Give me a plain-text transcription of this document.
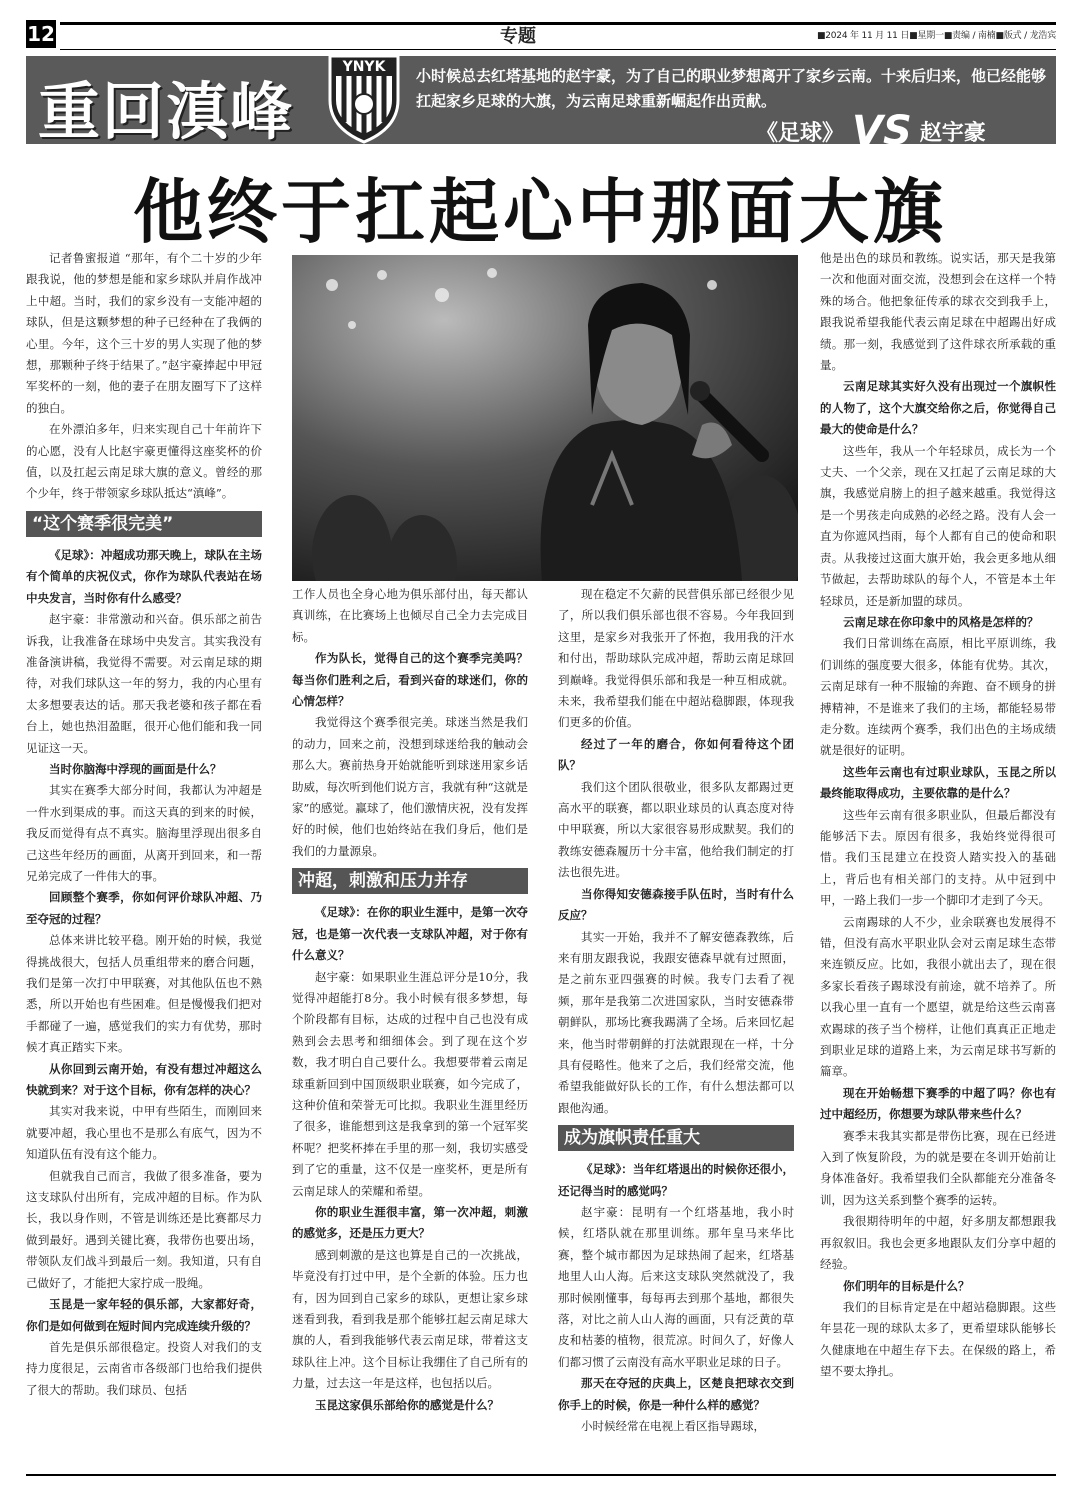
12	专题	■2024 年 11 月 11 日■星期一■责编 / 南楠■版式 / 龙浩宾
重回滇峰
YNYK 小时候总去红塔基地的赵宇豪，为了自己的职业梦想离开了家乡云南。十来后归来，他已经能够扛起家乡足球的大旗，为云南足球重新崛起作出贡献。
《足球》 VS 赵宇豪
他终于扛起心中那面大旗

记者鲁蜜报道 “那年，有个二十岁的少年跟我说，他的梦想是能和家乡球队并肩作战冲上中超。当时，我们的家乡没有一支能冲超的球队，但是这颗梦想的种子已经种在了我俩的心里。今年，这个三十岁的男人实现了他的梦想，那颗种子终于结果了。”赵宇豪捧起中甲冠军奖杯的一刻，他的妻子在朋友圈写下了这样的独白。

在外漂泊多年，归来实现自己十年前许下的心愿，没有人比赵宇豪更懂得这座奖杯的价值，以及扛起云南足球大旗的意义。曾经的那个少年，终于带领家乡球队抵达“滇峰”。

“这个赛季很完美”

《足球》：冲超成功那天晚上，球队在主场有个简单的庆祝仪式，你作为球队代表站在场中央发言，当时你有什么感受？

赵宇豪：非常激动和兴奋。俱乐部之前告诉我，让我准备在球场中央发言。其实我没有准备演讲稿，我觉得不需要。对云南足球的期待，对我们球队这一年的努力，我的内心里有太多想要表达的话。那天我老婆和孩子都在看台上，她也热泪盈眶，很开心他们能和我一同见证这一天。

当时你脑海中浮现的画面是什么？

其实在赛季大部分时间，我都认为冲超是一件水到渠成的事。而这天真的到来的时候，我反而觉得有点不真实。脑海里浮现出很多自己这些年经历的画面，从离开到回来，和一帮兄弟完成了一件伟大的事。

回顾整个赛季，你如何评价球队冲超、乃至夺冠的过程？

总体来讲比较平稳。刚开始的时候，我觉得挑战很大，包括人员重组带来的磨合问题，我们是第一次打中甲联赛，对其他队伍也不熟悉，所以开始也有些困难。但是慢慢我们把对手都碰了一遍，感觉我们的实力有优势，那时候才真正踏实下来。

从你回到云南开始，有没有想过冲超这么快就到来？对于这个目标，你有怎样的决心？

其实对我来说，中甲有些陌生，而刚回来就要冲超，我心里也不是那么有底气，因为不知道队伍有没有这个能力。

但就我自己而言，我做了很多准备，要为这支球队付出所有，完成冲超的目标。作为队长，我以身作则，不管是训练还是比赛都尽力做到最好。遇到关键比赛，我带伤也要出场，带领队友们战斗到最后一刻。我知道，只有自己做好了，才能把大家拧成一股绳。

玉昆是一家年轻的俱乐部，大家都好奇，你们是如何做到在短时间内完成连续升级的？

首先是俱乐部很稳定。投资人对我们的支持力度很足，云南省市各级部门也给我们提供了很大的帮助。我们球员、包括

工作人员也全身心地为俱乐部付出，每天都认真训练，在比赛场上也倾尽自己全力去完成目标。

作为队长，觉得自己的这个赛季完美吗？每当你们胜利之后，看到兴奋的球迷们，你的心情怎样？

我觉得这个赛季很完美。球迷当然是我们的动力，回来之前，没想到球迷给我的触动会那么大。赛前热身开始就能听到球迷用家乡话助威，每次听到他们说方言，我就有种“这就是家”的感觉。赢球了，他们激情庆祝，没有发挥好的时候，他们也始终站在我们身后，他们是我们的力量源泉。

冲超，刺激和压力并存

《足球》：在你的职业生涯中，是第一次夺冠，也是第一次代表一支球队冲超，对于你有什么意义？

赵宇豪：如果职业生涯总评分是10分，我觉得冲超能打8分。我小时候有很多梦想，每个阶段都有目标，达成的过程中自己也没有成熟到会去思考和细细体会。到了现在这个岁数，我才明白自己要什么。我想要带着云南足球重新回到中国顶级职业联赛，如今完成了，这种价值和荣誉无可比拟。我职业生涯里经历了很多，谁能想到这是我拿到的第一个冠军奖杯呢？把奖杯捧在手里的那一刻，我切实感受到了它的重量，这不仅是一座奖杯，更是所有云南足球人的荣耀和希望。

你的职业生涯很丰富，第一次冲超，刺激的感觉多，还是压力更大？

感到刺激的是这也算是自己的一次挑战，毕竟没有打过中甲，是个全新的体验。压力也有，因为回到自己家乡的球队，更想让家乡球迷看到我，看到我是那个能够扛起云南足球大旗的人，看到我能够代表云南足球，带着这支球队往上冲。这个目标让我绷住了自己所有的力量，过去这一年是这样，也包括以后。

玉昆这家俱乐部给你的感觉是什么？

现在稳定不欠薪的民营俱乐部已经很少见了，所以我们俱乐部也很不容易。今年我回到这里，是家乡对我张开了怀抱，我用我的汗水和付出，帮助球队完成冲超，帮助云南足球回到巅峰。我觉得俱乐部和我是一种互相成就。未来，我希望我们能在中超站稳脚跟，体现我们更多的价值。

经过了一年的磨合，你如何看待这个团队？

我们这个团队很敬业，很多队友都踢过更高水平的联赛，都以职业球员的认真态度对待中甲联赛，所以大家很容易形成默契。我们的教练安德森履历十分丰富，他给我们制定的打法也很先进。

当你得知安德森接手队伍时，当时有什么反应？

其实一开始，我并不了解安德森教练，后来有朋友跟我说，我跟安德森早就有过照面，是之前东亚四强赛的时候。我专门去看了视频，那年是我第二次进国家队，当时安德森带朝鲜队，那场比赛我踢满了全场。后来回忆起来，他当时带朝鲜的打法就跟现在一样，十分具有侵略性。他来了之后，我们经常交流，他希望我能做好队长的工作，有什么想法都可以跟他沟通。

成为旗帜责任重大

《足球》：当年红塔退出的时候你还很小，还记得当时的感觉吗？

赵宇豪：昆明有一个红塔基地，我小时候，红塔队就在那里训练。那年皇马来华比赛，整个城市都因为足球热闹了起来，红塔基地里人山人海。后来这支球队突然就没了，我那时候刚懂事，每每再去到那个基地，都很失落，对比之前人山人海的画面，只有泛黄的草皮和枯萎的植物，很荒凉。时间久了，好像人们都习惯了云南没有高水平职业足球的日子。

那天在夺冠的庆典上，区楚良把球衣交到你手上的时候，你是一种什么样的感觉？

小时候经常在电视上看区指导踢球，

他是出色的球员和教练。说实话，那天是我第一次和他面对面交流，没想到会在这样一个特殊的场合。他把象征传承的球衣交到我手上，跟我说希望我能代表云南足球在中超踢出好成绩。那一刻，我感觉到了这件球衣所承载的重量。

云南足球其实好久没有出现过一个旗帜性的人物了，这个大旗交给你之后，你觉得自己最大的使命是什么？

这些年，我从一个年轻球员，成长为一个丈夫、一个父亲，现在又扛起了云南足球的大旗，我感觉肩膀上的担子越来越重。我觉得这是一个男孩走向成熟的必经之路。没有人会一直为你遮风挡雨，每个人都有自己的使命和职责。从我接过这面大旗开始，我会更多地从细节做起，去帮助球队的每个人，不管是本土年轻球员，还是新加盟的球员。

云南足球在你印象中的风格是怎样的？

我们日常训练在高原，相比平原训练，我们训练的强度要大很多，体能有优势。其次，云南足球有一种不服输的奔跑、奋不顾身的拼搏精神，不是谁来了我们的主场，都能轻易带走分数。连续两个赛季，我们出色的主场成绩就是很好的证明。

这些年云南也有过职业球队，玉昆之所以最终能取得成功，主要依靠的是什么？

这些年云南有很多职业队，但最后都没有能够活下去。原因有很多，我始终觉得很可惜。我们玉昆建立在投资人踏实投入的基础上，背后也有相关部门的支持。从中冠到中甲，一路上我们一步一个脚印才走到了今天。

云南踢球的人不少，业余联赛也发展得不错，但没有高水平职业队会对云南足球生态带来连锁反应。比如，我很小就出去了，现在很多家长看孩子踢球没有前途，就不培养了。所以我心里一直有一个愿望，就是给这些云南喜欢踢球的孩子当个榜样，让他们真真正正地走到职业足球的道路上来，为云南足球书写新的篇章。

现在开始畅想下赛季的中超了吗？你也有过中超经历，你想要为球队带来些什么？

赛季末我其实都是带伤比赛，现在已经进入到了恢复阶段，为的就是要在冬训开始前让身体准备好。我希望我们全队都能充分准备冬训，因为这关系到整个赛季的运转。

我很期待明年的中超，好多朋友都想跟我再叙叙旧。我也会更多地跟队友们分享中超的经验。

你们明年的目标是什么？

我们的目标肯定是在中超站稳脚跟。这些年昙花一现的球队太多了，更希望球队能够长久健康地在中超生存下去。在保级的路上，希望不要太挣扎。
